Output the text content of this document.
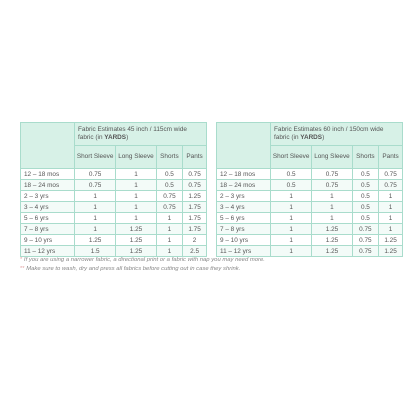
	Fabric Estimates 45 inch / 115cm wide fabric (in YARDS)			
	Short Sleeve	Long Sleeve	Shorts	Pants
12 – 18 mos	0.75	1	0.5	0.75
18 – 24 mos	0.75	1	0.5	0.75
2 – 3 yrs	1	1	0.75	1.25
3 – 4 yrs	1	1	0.75	1.75
5 – 6 yrs	1	1	1	1.75
7 – 8 yrs	1	1.25	1	1.75
9 – 10 yrs	1.25	1.25	1	2
11 – 12 yrs	1.5	1.25	1	2.5
	Fabric Estimates 60 inch / 150cm wide fabric (in YARDS)			
	Short Sleeve	Long Sleeve	Shorts	Pants
12 – 18 mos	0.5	0.75	0.5	0.75
18 – 24 mos	0.5	0.75	0.5	0.75
2 – 3 yrs	1	1	0.5	1
3 – 4 yrs	1	1	0.5	1
5 – 6 yrs	1	1	0.5	1
7 – 8 yrs	1	1.25	0.75	1
9 – 10 yrs	1	1.25	0.75	1.25
11 – 12 yrs	1	1.25	0.75	1.25

* If you are using a narrower fabric, a directional print or a fabric with nap you may need more.

** Make sure to wash, dry and press all fabrics before cutting out in case they shrink.
